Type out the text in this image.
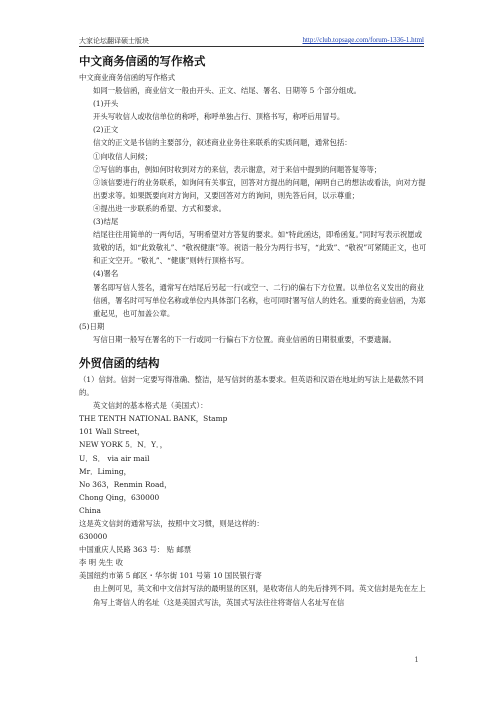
大家论坛翻译硕士版块	http://club.topsage.com/forum-1336-1.html
中文商务信函的写作格式
中文商业商务信函的写作格式
如同一般信函，商业信文一般由开头、正文、结尾、署名、日期等 5 个部分组成。
(1)开头
开头写收信人或收信单位的称呼，称呼单独占行、顶格书写，称呼后用冒号。
(2)正文
信文的正文是书信的主要部分，叙述商业业务往来联系的实质问题，通常包括：
①向收信人问候；
②写信的事由，例如何时收到对方的来信，表示谢意，对于来信中提到的问题答复等等；

③该信要进行的业务联系，如询问有关事宜，回答对方提出的问题，阐明自己的想法或看法，向对方提出要求等。如果既要向对方询问，又要回答对方的询问，则先答后问，以示尊重；

④提出进一步联系的希望、方式和要求。
(3)结尾

结尾往往用简单的一两句话，写明希望对方答复的要求。如“特此函达，即希函复。”同时写表示祝愿或致敬的话，如“此致敬礼”、“敬祝健康”等。祝语一般分为两行书写，“此致”、“敬祝”可紧随正文，也可和正文空开。“敬礼”、“健康”则转行顶格书写。

(4)署名

署名即写信人签名，通常写在结尾后另起一行(或空一、二行)的偏右下方位置。以单位名义发出的商业信函，署名时可写单位名称或单位内具体部门名称，也可同时署写信人的姓名。重要的商业信函，为郑重起见，也可加盖公章。

(5)日期

写信日期一般写在署名的下一行或同一行偏右下方位置。商业信函的日期很重要，不要遗漏。

外贸信函的结构

（1）信封。信封一定要写得准确、整洁，是写信封的基本要求。但英语和汉语在地址的写法上是截然不同的。

英文信封的基本格式是（美国式）：
THE TENTH NATIONAL BANK，Stamp
101 Wall Street，
NEW YORK 5．N．Y．，
U．S． via air mail
Mr．Liming，
No 363，Renmin Road，
Chong Qing，630000
China
这是英文信封的通常写法，按照中文习惯，则是这样的：
630000
中国重庆人民路 363 号： 贴 邮票
李 明 先生 收
美国纽约市第 5 邮区・华尔街 101 号第 10 国民银行寄

由上例可见，英文和中文信封写法的最明显的区别，是收寄信人的先后排列不同。英文信封是先在左上角写上寄信人的名址（这是美国式写法，英国式写法往往将寄信人名址写在信

1
